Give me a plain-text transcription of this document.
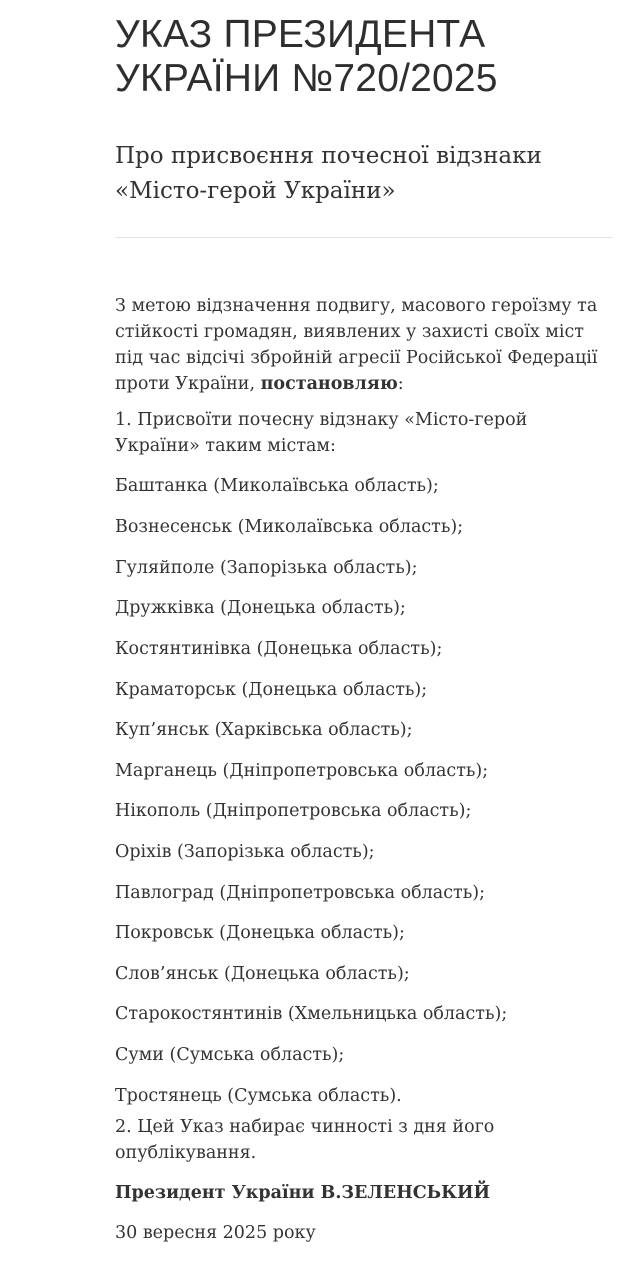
УКАЗ ПРЕЗИДЕНТА
УКРАЇНИ №720/2025
Про присвоєння почесної відзнаки
«Місто-герой України»

З метою відзначення подвигу, масового героїзму та стійкості громадян, виявлених у захисті своїх міст під час відсічі збройній агресії Російської Федерації проти України, постановляю:

1. Присвоїти почесну відзнаку «Місто-герой України» таким містам:

Баштанка (Миколаївська область);
Вознесенськ (Миколаївська область);
Гуляйполе (Запорізька область);
Дружківка (Донецька область);
Костянтинівка (Донецька область);
Краматорськ (Донецька область);
Куп’янськ (Харківська область);
Марганець (Дніпропетровська область);
Нікополь (Дніпропетровська область);
Оріхів (Запорізька область);
Павлоград (Дніпропетровська область);
Покровськ (Донецька область);
Слов’янськ (Донецька область);
Старокостянтинів (Хмельницька область);
Суми (Сумська область);
Тростянець (Сумська область).

2. Цей Указ набирає чинності з дня його опублікування.

Президент України В.ЗЕЛЕНСЬКИЙ

30 вересня 2025 року
